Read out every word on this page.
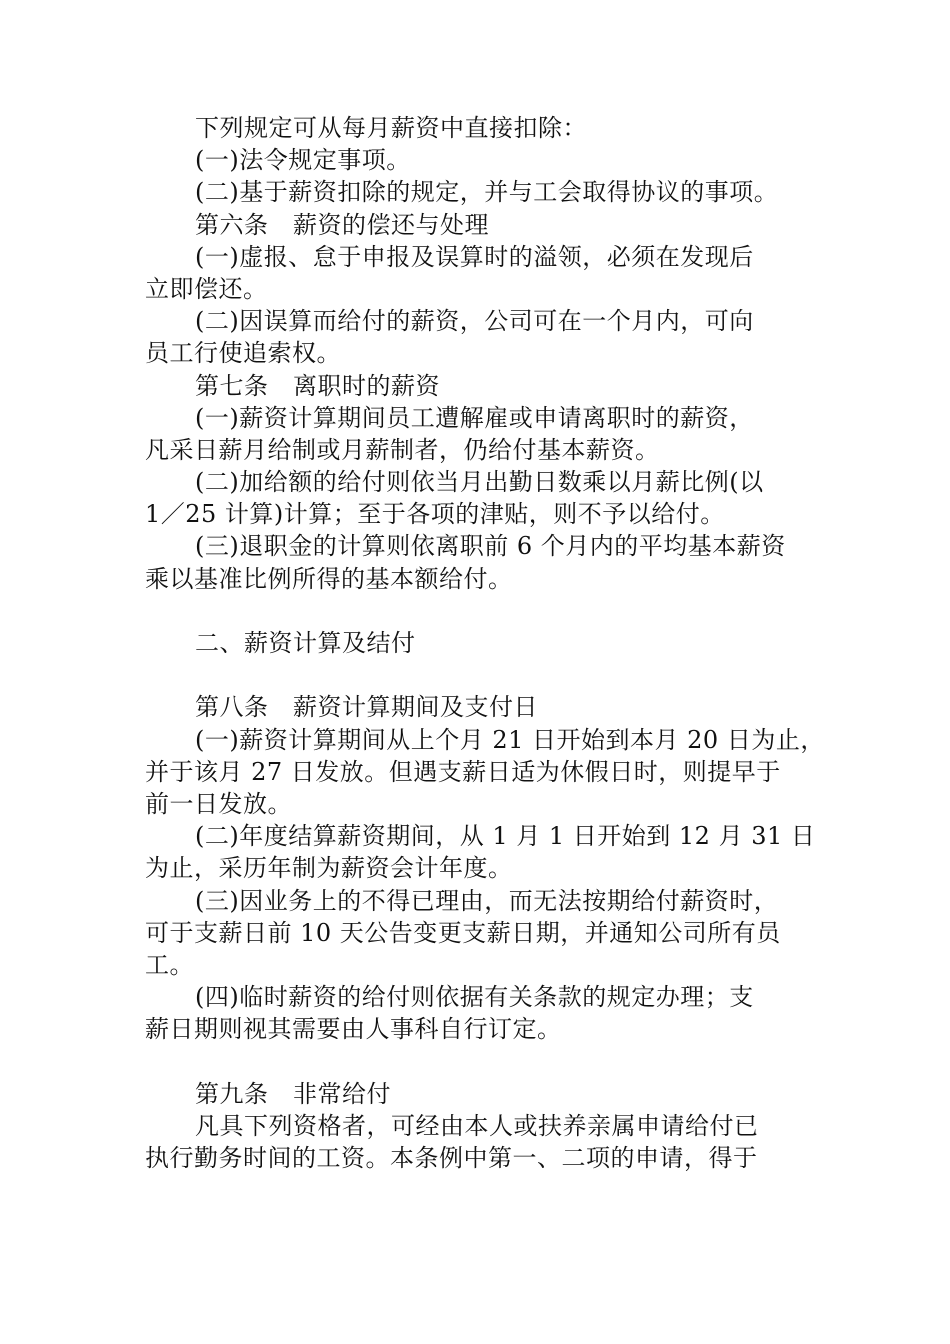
下列规定可从每月薪资中直接扣除：
(一)法令规定事项。
(二)基于薪资扣除的规定，并与工会取得协议的事项。
第六条　薪资的偿还与处理
(一)虚报、怠于申报及误算时的溢领，必须在发现后
立即偿还。
(二)因误算而给付的薪资，公司可在一个月内，可向
员工行使追索权。
第七条　离职时的薪资
(一)薪资计算期间员工遭解雇或申请离职时的薪资，
凡采日薪月给制或月薪制者，仍给付基本薪资。
(二)加给额的给付则依当月出勤日数乘以月薪比例(以
1／25 计算)计算；至于各项的津贴，则不予以给付。
(三)退职金的计算则依离职前 6 个月内的平均基本薪资
乘以基准比例所得的基本额给付。
二、薪资计算及结付
第八条　薪资计算期间及支付日
(一)薪资计算期间从上个月 21 日开始到本月 20 日为止，
并于该月 27 日发放。但遇支薪日适为休假日时，则提早于
前一日发放。
(二)年度结算薪资期间，从 1 月 1 日开始到 12 月 31 日
为止，采历年制为薪资会计年度。
(三)因业务上的不得已理由，而无法按期给付薪资时，
可于支薪日前 10 天公告变更支薪日期，并通知公司所有员
工。
(四)临时薪资的给付则依据有关条款的规定办理；支
薪日期则视其需要由人事科自行订定。
第九条　非常给付
凡具下列资格者，可经由本人或扶养亲属申请给付已
执行勤务时间的工资。本条例中第一、二项的申请，得于
